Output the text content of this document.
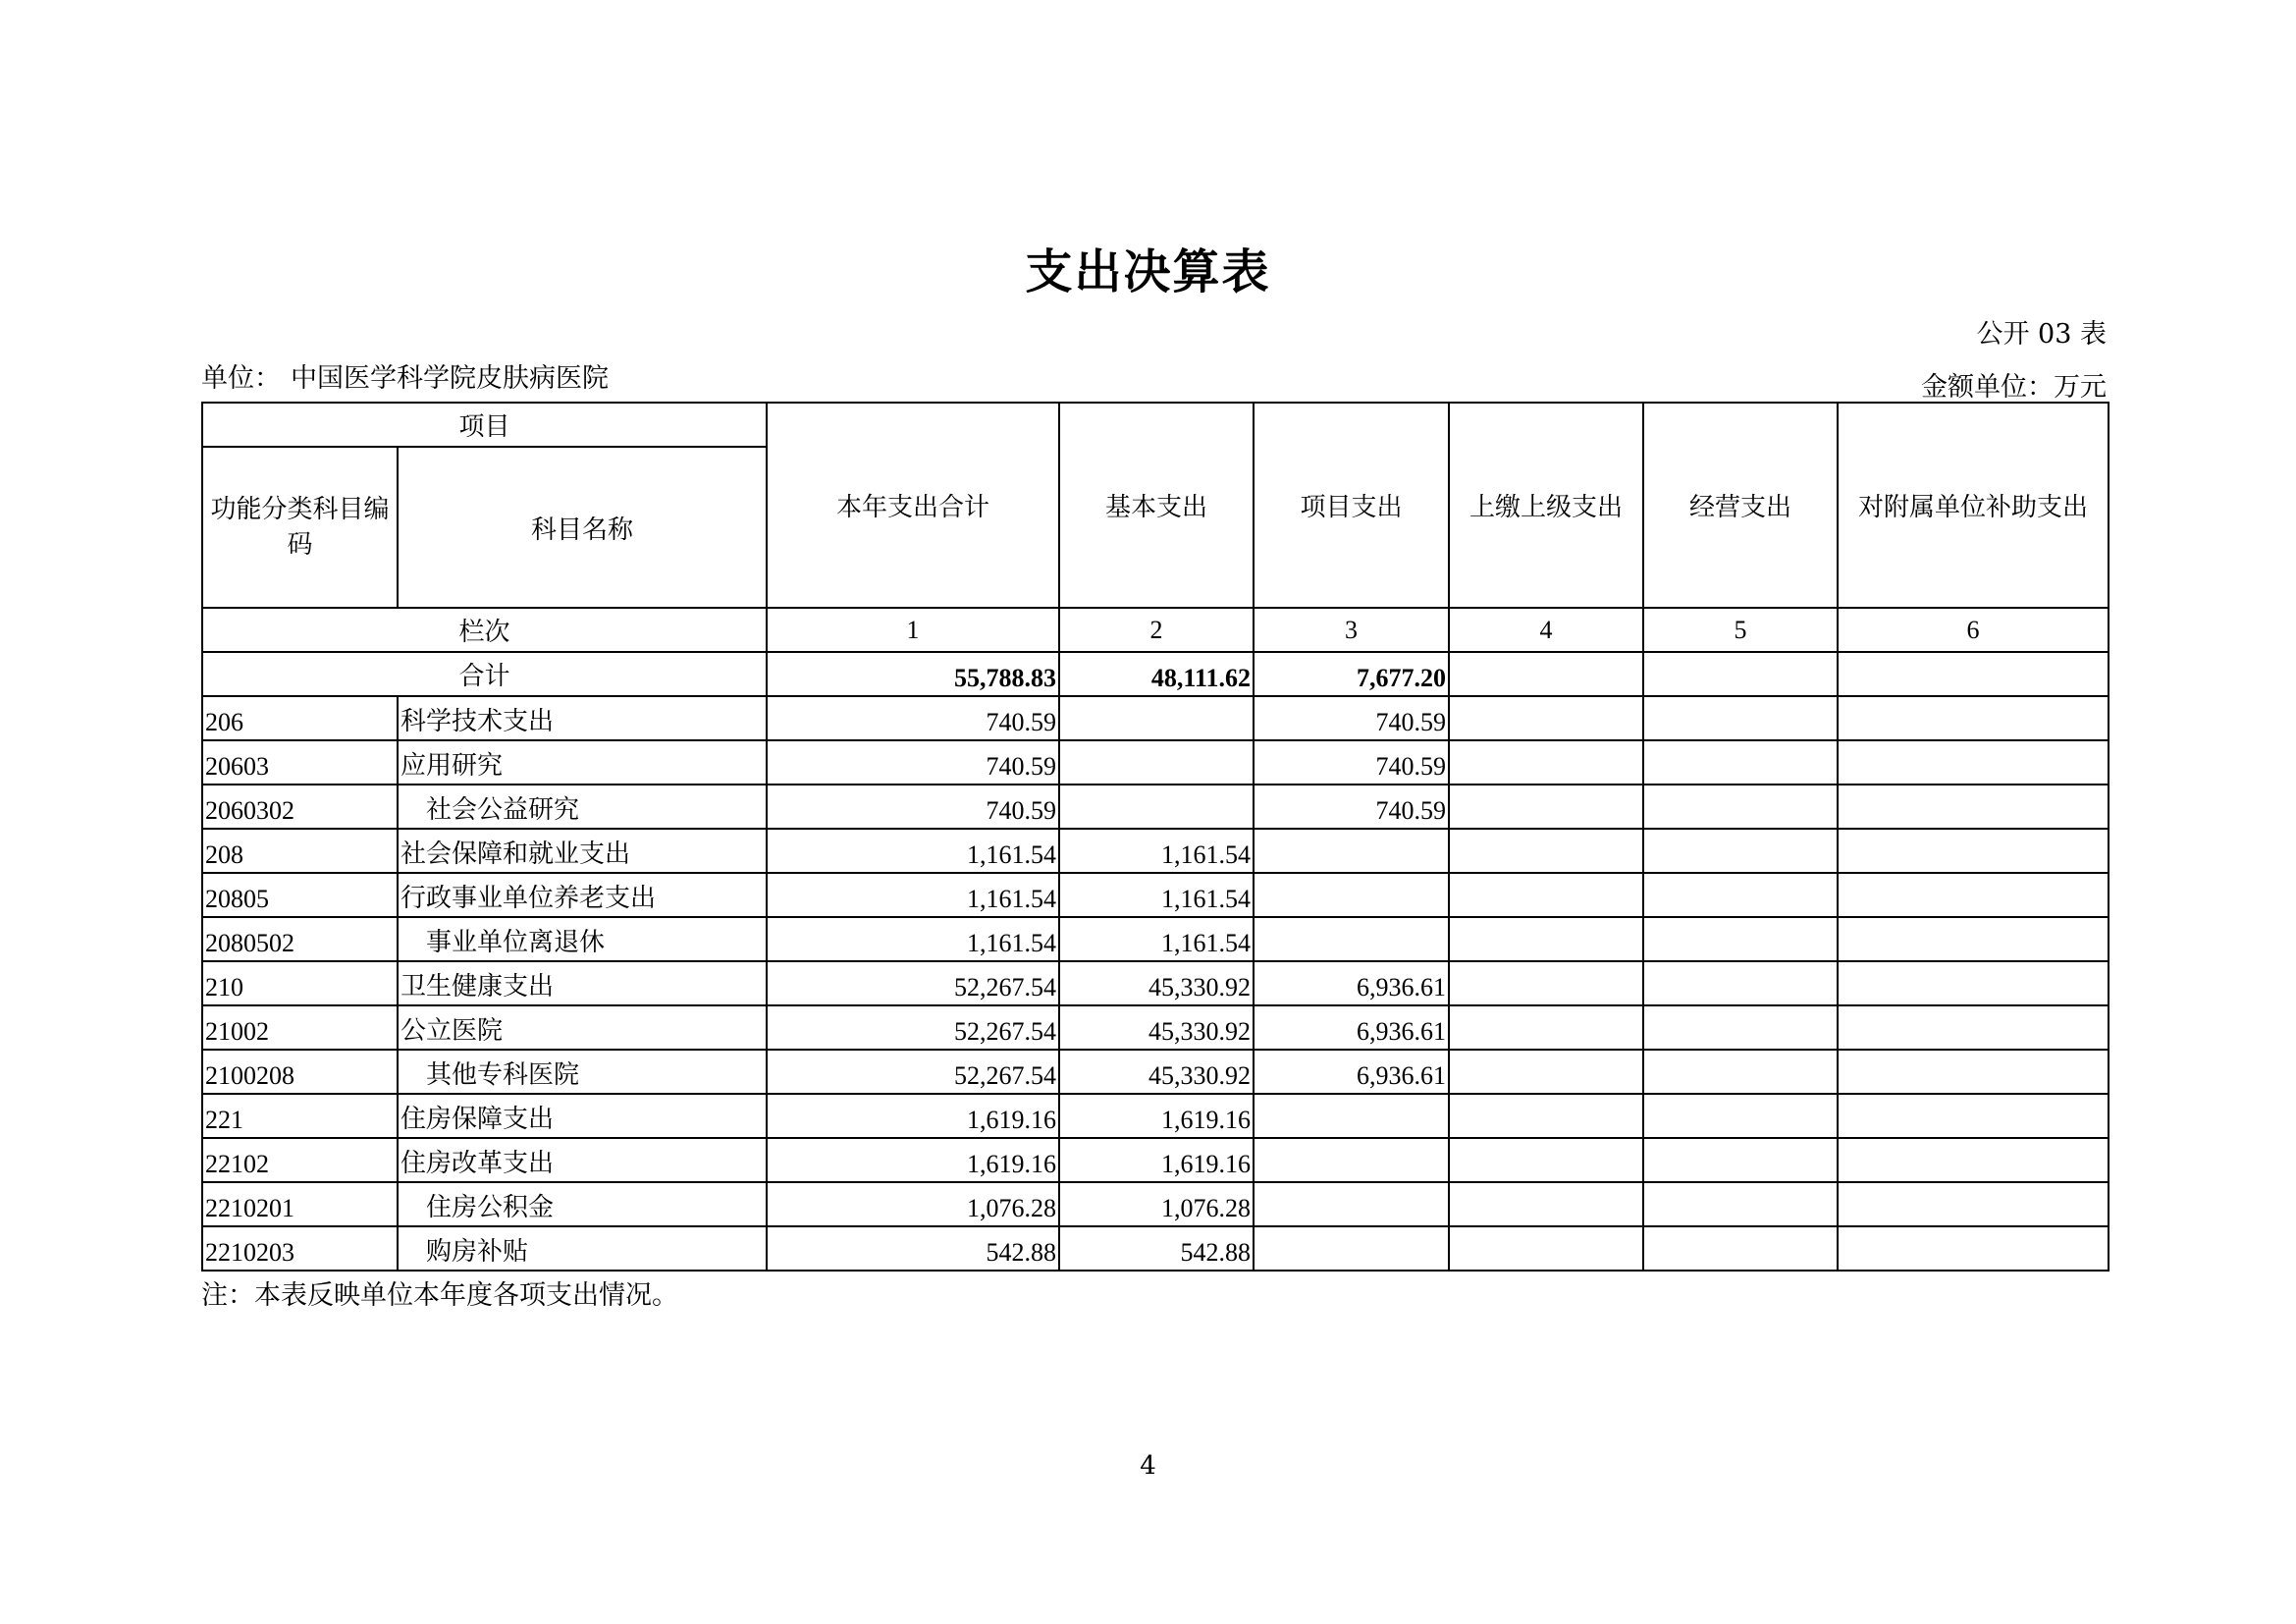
支出决算表
公开 03 表
单位： 中国医学科学院皮肤病医院	金额单位：万元
项目		本年支出合计	基本支出	项目支出	上缴上级支出	经营支出	对附属单位补助支出
功能分类科目编码	科目名称						
栏次		1	2	3	4	5	6
合计		55,788.83	48,111.62	7,677.20			
206	科学技术支出	740.59		740.59			
20603	应用研究	740.59		740.59			
2060302	社会公益研究	740.59		740.59			
208	社会保障和就业支出	1,161.54	1,161.54				
20805	行政事业单位养老支出	1,161.54	1,161.54				
2080502	事业单位离退休	1,161.54	1,161.54				
210	卫生健康支出	52,267.54	45,330.92	6,936.61			
21002	公立医院	52,267.54	45,330.92	6,936.61			
2100208	其他专科医院	52,267.54	45,330.92	6,936.61			
221	住房保障支出	1,619.16	1,619.16				
22102	住房改革支出	1,619.16	1,619.16				
2210201	住房公积金	1,076.28	1,076.28				
2210203	购房补贴	542.88	542.88				
注：本表反映单位本年度各项支出情况。
4
